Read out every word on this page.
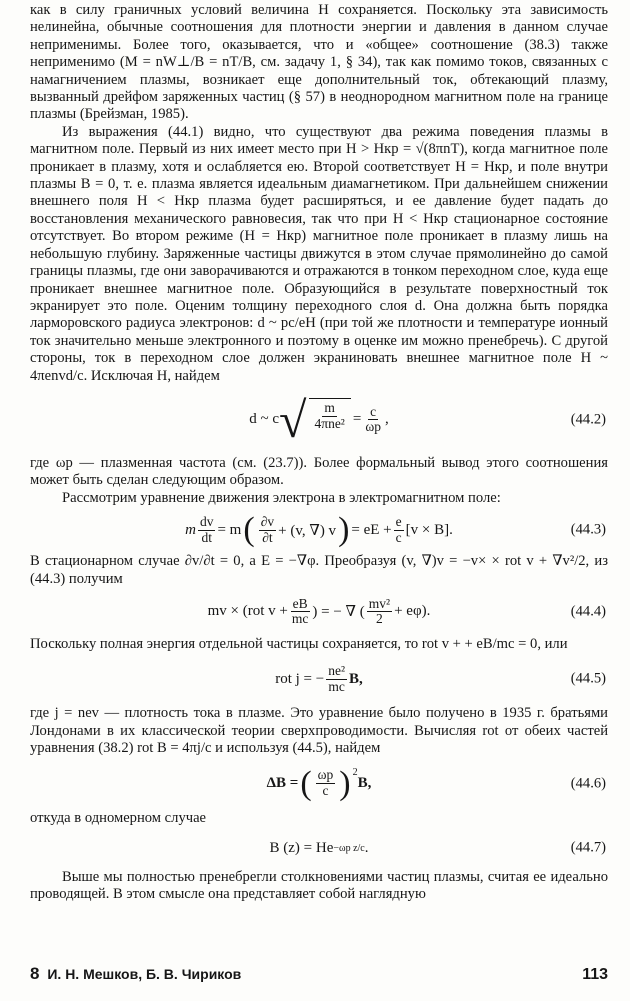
как в силу граничных условий величина H сохраняется. Поскольку эта зависимость нелинейна, обычные соотношения для плотности энергии и давления в данном случае неприменимы. Более того, оказывается, что и «общее» соотношение (38.3) также неприменимо (M = nW⊥/B = nT/B, см. задачу 1, § 34), так как помимо токов, связанных с намагничением плазмы, возникает еще дополнительный ток, обтекающий плазму, вызванный дрейфом заряженных частиц (§ 57) в неоднородном магнитном поле на границе плазмы (Брейзман, 1985).

Из выражения (44.1) видно, что существуют два режима поведения плазмы в магнитном поле. Первый из них имеет место при H > Hкр = √(8πnT), когда магнитное поле проникает в плазму, хотя и ослабляется ею. Второй соответствует H = Hкр, и поле внутри плазмы B = 0, т. е. плазма является идеальным диамагнетиком. При дальнейшем снижении внешнего поля H < Hкр плазма будет расширяться, и ее давление будет падать до восстановления механического равновесия, так что при H < Hкр стационарное состояние отсутствует. Во втором режиме (H = Hкр) магнитное поле проникает в плазму лишь на небольшую глубину. Заряженные частицы движутся в этом случае прямолинейно до самой границы плазмы, где они заворачиваются и отражаются в тонком переходном слое, куда еще проникает внешнее магнитное поле. Образующийся в результате поверхностный ток экранирует это поле. Оценим толщину переходного слоя d. Она должна быть порядка ларморовского радиуса электронов: d ~ pc/eH (при той же плотности и температуре ионный ток значительно меньше электронного и поэтому в оценке им можно пренебречь). С другой стороны, ток в переходном слое должен экраниновать внешнее магнитное поле H ~ 4πenvd/c. Исключая H, найдем

d ~ c √ $\frac{m}{\text{4πne²}} = \frac{c}{\omega p}$ ,	(44.2)

где ωp — плазменная частота (см. (23.7)). Более формальный вывод этого соотношения может быть сделан следующим образом.

Рассмотрим уравнение движения электрона в электромагнитном поле:

m $\frac{dv}{dt} = m$ ( $\frac{\partial v}{\partial t} + (v$, ∇) v ) = eE + $\frac{e}{c} [v \times B]$.	(44.3)

В стационарном случае ∂v/∂t = 0, а E = −∇φ. Преобразуя (v, ∇)v = −v× × rot v + ∇v²/2, из (44.3) получим

mv × (rot $v + \frac{eB}{mc}$ ) = − ∇ ( $\frac{\text{mv²}}{2} + e\varphi$).	(44.4)

Поскольку полная энергия отдельной частицы сохраняется, то rot v + + eB/mc = 0, или

rot j = − $\frac{\text{ne²}}{mc} B$,	(44.5)

где j = nev — плотность тока в плазме. Это уравнение было получено в 1935 г. братьями Лондонами в их классической теории сверхпроводимости. Вычисляя rot от обеих частей уравнения (38.2) rot B = 4πj/c и используя (44.5), найдем

ΔB = ( $\frac{\omega p}{c} )^2$
B,	(44.6)

откуда в одномерном случае

B (z) = He −ωp z/c .	(44.7)

Выше мы полностью пренебрегли столкновениями частиц плазмы, считая ее идеально проводящей. В этом смысле она представляет собой наглядную

8 И. Н. Мешков, Б. В. Чириков	113
